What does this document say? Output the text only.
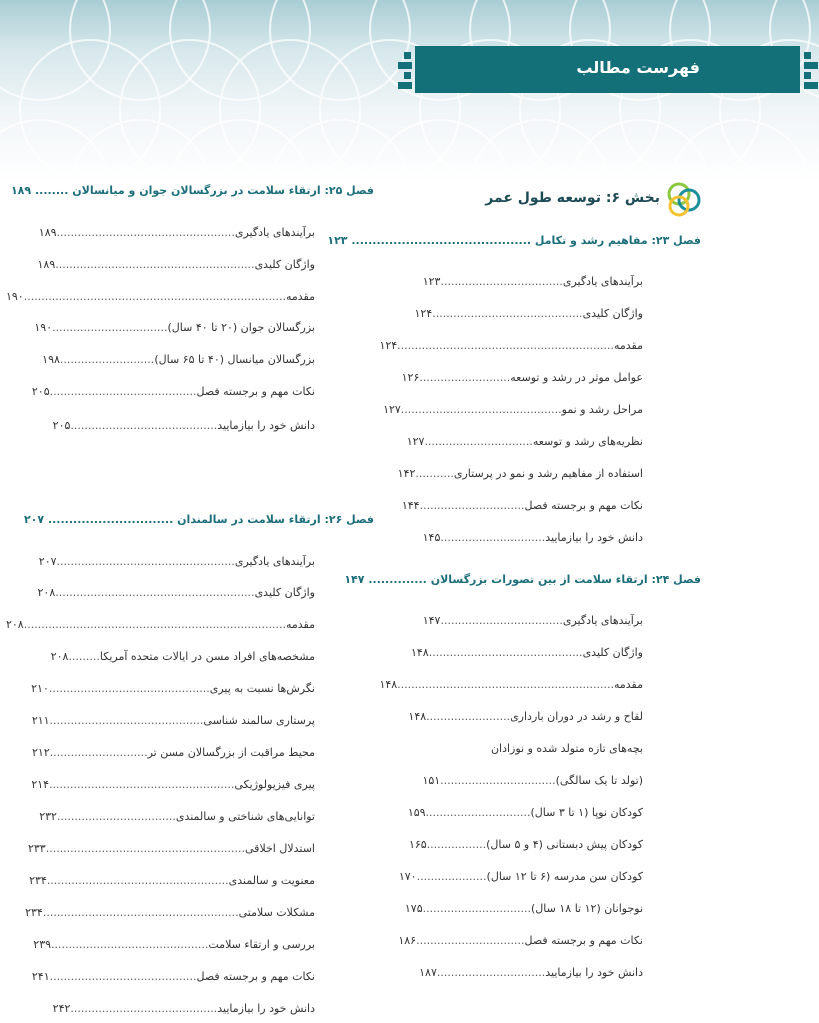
فهرست مطالب
بخش ۶: توسعه طول عمر
فصل ۲۳: مفاهیم رشد و تکامل ........................................... ۱۲۳
برآیندهای یادگیری...................................۱۲۳
واژگان کلیدی...........................................۱۲۴
مقدمه..............................................................۱۲۴
عوامل موثر در رشد و توسعه..........................۱۲۶
مراحل رشد و نمو..............................................۱۲۷
نظریه‌های رشد و توسعه...............................۱۲۷
استفاده از مفاهیم رشد و نمو در پرستاری...........۱۴۲
نکات مهم و برجسته فصل..............................۱۴۴
دانش خود را بیازمایید..............................۱۴۵
فصل ۲۴: ارتقاء سلامت از بین تصورات بزرگسالان .............. ۱۴۷
برآیندهای یادگیری...................................۱۴۷
واژگان کلیدی............................................۱۴۸
مقدمه..............................................................۱۴۸
لقاح و رشد در دوران بارداری........................۱۴۸
بچه‌های تازه متولد شده و نوزادان
(تولد تا یک سالگی).................................۱۵۱
کودکان نوپا (۱ تا ۳ سال)..............................۱۵۹
کودکان پیش دبستانی (۴ و ۵ سال).................۱۶۵
کودکان سن مدرسه (۶ تا ۱۲ سال)....................۱۷۰
نوجوانان (۱۲ تا ۱۸ سال)...............................۱۷۵
نکات مهم و برجسته فصل...............................۱۸۶
دانش خود را بیازمایید...............................۱۸۷
فصل ۲۵: ارتقاء سلامت در بزرگسالان جوان و میانسالان ........ ۱۸۹
برآیندهای یادگیری...................................................۱۸۹
واژگان کلیدی.........................................................۱۸۹
مقدمه...........................................................................۱۹۰
بزرگسالان جوان (۲۰ تا ۴۰ سال).................................۱۹۰
بزرگسالان میانسال (۴۰ تا ۶۵ سال)...........................۱۹۸
نکات مهم و برجسته فصل..........................................۲۰۵
دانش خود را بیازمایید..........................................۲۰۵
فصل ۲۶: ارتقاء سلامت در سالمندان .............................. ۲۰۷
برآیندهای یادگیری...................................................۲۰۷
واژگان کلیدی.........................................................۲۰۸
مقدمه...........................................................................۲۰۸
مشخصه‌های افراد مسن در ایالات متحده آمریکا.........۲۰۸
نگرش‌ها نسبت به پیری..............................................۲۱۰
پرستاری سالمند شناسی............................................۲۱۱
محیط مراقبت از بزرگسالان مسن تر............................۲۱۲
پیری فیزیولوژیکی.....................................................۲۱۴
توانایی‌های شناختی و سالمندی..................................۲۳۲
استدلال اخلاقی.........................................................۲۳۳
معنویت و سالمندی....................................................۲۳۴
مشکلات سلامتی........................................................۲۳۴
بررسی و ارتقاء سلامت.............................................۲۳۹
نکات مهم و برجسته فصل..........................................۲۴۱
دانش خود را بیازمایید..........................................۲۴۲
